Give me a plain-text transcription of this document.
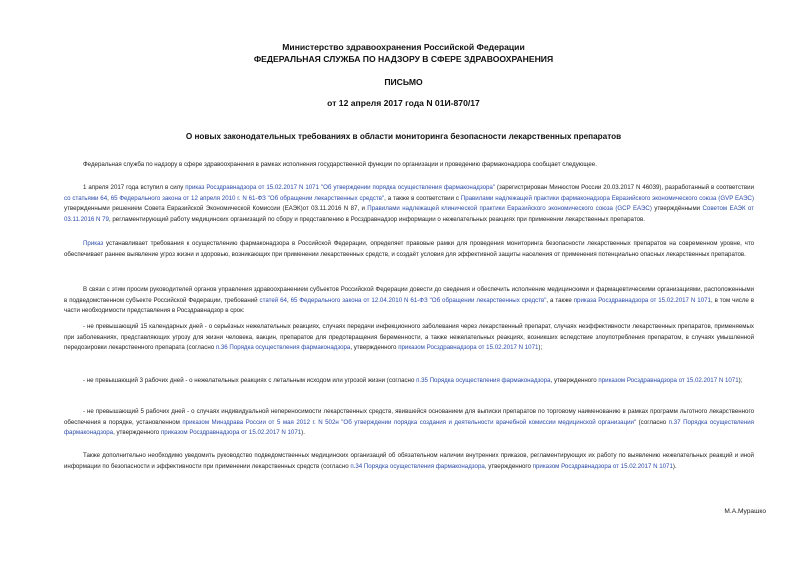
Министерство здравоохранения Российской Федерации
ФЕДЕРАЛЬНАЯ СЛУЖБА ПО НАДЗОРУ В СФЕРЕ ЗДРАВООХРАНЕНИЯ
ПИСЬМО
от 12 апреля 2017 года N 01И-870/17
О новых законодательных требованиях в области мониторинга безопасности лекарственных препаратов
Федеральная служба по надзору в сфере здравоохранения в рамках исполнения государственной функции по организации и проведению фармаконадзора сообщает следующее.
1 апреля 2017 года вступил в силу приказ Росздравнадзора от 15.02.2017 N 1071 "Об утверждении порядка осуществления фармаконадзора" (зарегистрирован Минюстом России 20.03.2017 N 46039), разработанный в соответствии со статьями 64, 65 Федерального закона от 12 апреля 2010 г. N 61-ФЗ "Об обращении лекарственных средств", а также в соответствии с Правилами надлежащей практики фармаконадзора Евразийского экономического союза (GVP ЕАЭС) утвержденными решением Совета Евразийской Экономической Комиссии (ЕАЭК)от 03.11.2016 N 87, и Правилами надлежащей клинической практики Евразийского экономического союза (GCP ЕАЭС) утверждёнными Советом ЕАЭК от 03.11.2016 N 79, регламентирующий работу медицинских организаций по сбору и представлению в Росздравнадзор информации о нежелательных реакциях при применении лекарственных препаратов.
Приказ устанавливает требования к осуществлению фармаконадзора в Российской Федерации, определяет правовые рамки для проведения мониторинга безопасности лекарственных препаратов на современном уровне, что обеспечивает раннее выявление угроз жизни и здоровью, возникающих при применении лекарственных средств, и создаёт условия для эффективной защиты населения от применения потенциально опасных лекарственных препаратов.
В связи с этим просим руководителей органов управления здравоохранением субъектов Российской Федерации довести до сведения и обеспечить исполнение медицинскими и фармацевтическими организациями, расположенными в подведомственном субъекте Российской Федерации, требований статей 64, 65 Федерального закона от 12.04.2010 N 61-ФЗ "Об обращении лекарственных средств", а также приказа Росздравнадзора от 15.02.2017 N 1071, в том числе в части необходимости представления в Росздравнадзор в срок:
- не превышающий 15 календарных дней - о серьёзных нежелательных реакциях, случаях передачи инфекционного заболевания через лекарственный препарат, случаях неэффективности лекарственных препаратов, применяемых при заболеваниях, представляющих угрозу для жизни человека, вакцин, препаратов для предотвращения беременности, а также нежелательных реакциях, возникших вследствие злоупотребления препаратом, в случаях умышленной передозировки лекарственного препарата (согласно п.36 Порядка осуществления фармаконадзора, утвержденного приказом Росздравнадзора от 15.02.2017 N 1071);
- не превышающий 3 рабочих дней - о нежелательных реакциях с летальным исходом или угрозой жизни (согласно п.35 Порядка осуществления фармаконадзора, утвержденного приказом Росздравнадзора от 15.02.2017 N 1071);
- не превышающий 5 рабочих дней - о случаях индивидуальной непереносимости лекарственных средств, явившейся основанием для выписки препаратов по торговому наименованию в рамках программ льготного лекарственного обеспечения в порядке, установленном приказом Минздрава России от 5 мая 2012 г. N 502н "Об утверждении порядка создания и деятельности врачебной комиссии медицинской организации" (согласно п.37 Порядка осуществления фармаконадзора, утвержденного приказом Росздравнадзора от 15.02.2017 N 1071).
Также дополнительно необходимо уведомить руководство подведомственных медицинских организаций об обязательном наличии внутренних приказов, регламентирующих их работу по выявлению нежелательных реакций и иной информации по безопасности и эффективности при применении лекарственных средств (согласно п.34 Порядка осуществления фармаконадзора, утвержденного приказом Росздравнадзора от 15.02.2017 N 1071).
М.А.Мурашко
